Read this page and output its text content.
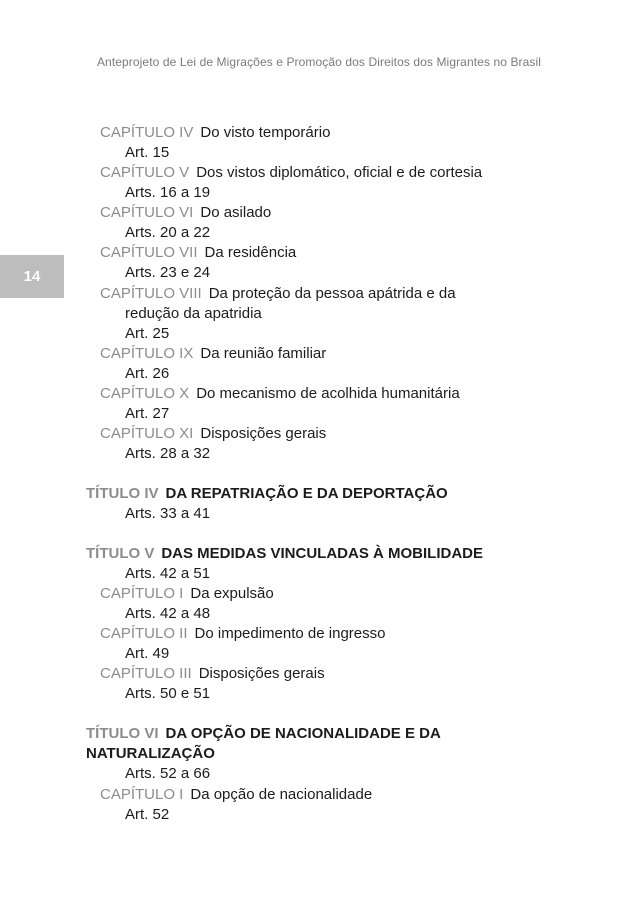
Anteprojeto de Lei de Migrações e Promoção dos Direitos dos Migrantes no Brasil
14
CAPÍTULO IV Do visto temporário
Art. 15
CAPÍTULO V Dos vistos diplomático, oficial e de cortesia
Arts. 16 a 19
CAPÍTULO VI Do asilado
Arts. 20 a 22
CAPÍTULO VII Da residência
Arts. 23 e 24
CAPÍTULO VIII Da proteção da pessoa apátrida e da
redução da apatridia
Art. 25
CAPÍTULO IX Da reunião familiar
Art. 26
CAPÍTULO X Do mecanismo de acolhida humanitária
Art. 27
CAPÍTULO XI Disposições gerais
Arts. 28 a 32
TÍTULO IV DA REPATRIAÇÃO E DA DEPORTAÇÃO
Arts. 33 a 41
TÍTULO V DAS MEDIDAS VINCULADAS À MOBILIDADE
Arts. 42 a 51
CAPÍTULO I Da expulsão
Arts. 42 a 48
CAPÍTULO II Do impedimento de ingresso
Art. 49
CAPÍTULO III Disposições gerais
Arts. 50 e 51
TÍTULO VI DA OPÇÃO DE NACIONALIDADE E DA
NATURALIZAÇÃO
Arts. 52 a 66
CAPÍTULO I Da opção de nacionalidade
Art. 52
